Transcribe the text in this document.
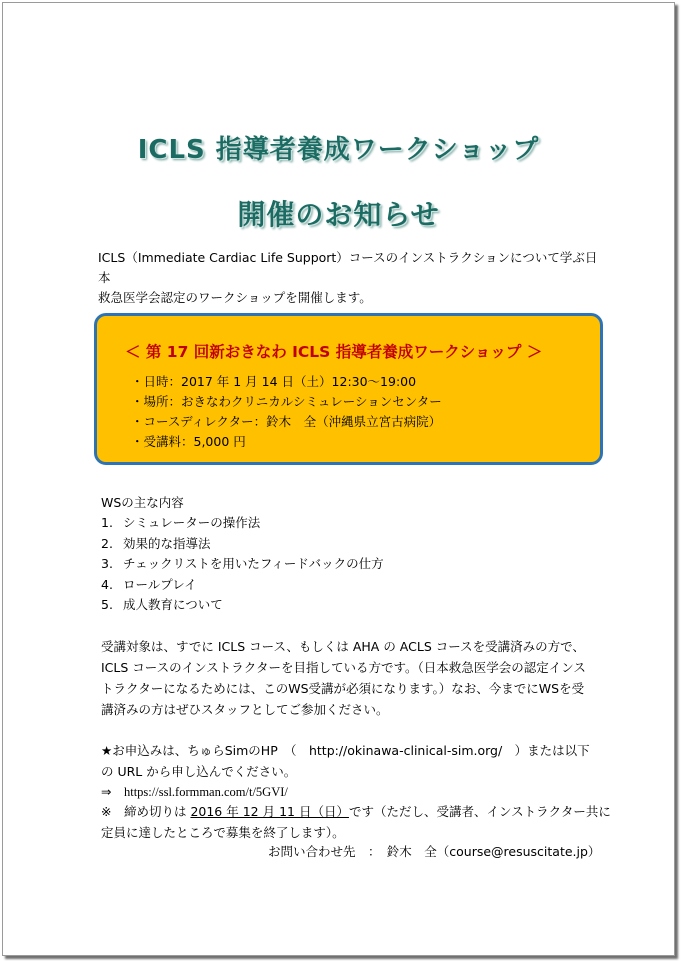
ICLS 指導者養成ワークショップ
開催のお知らせ
ICLS（Immediate Cardiac Life Support）コースのインストラクションについて学ぶ日本
救急医学会認定のワークショップを開催します。
＜ 第 17 回新おきなわ ICLS 指導者養成ワークショップ ＞
・日時：2017 年 1 月 14 日（土）12:30～19:00
・場所：おきなわクリニカルシミュレーションセンター
・コースディレクター：鈴木　全（沖縄県立宮古病院）
・受講料：5,000 円
WSの主な内容
1. シミュレーターの操作法
2. 効果的な指導法
3. チェックリストを用いたフィードバックの仕方
4. ロールプレイ
5. 成人教育について
受講対象は、すでに ICLS コース、もしくは AHA の ACLS コースを受講済みの方で、
ICLS コースのインストラクターを目指している方です。（日本救急医学会の認定インス
トラクターになるためには、このWS受講が必須になります。）なお、今までにWSを受
講済みの方はぜひスタッフとしてご参加ください。
★お申込みは、ちゅらSimのHP　（　http://okinawa-clinical-sim.org/　）または以下
の URL から申し込んでください。
⇒　https://ssl.formman.com/t/5GVI/
※　締め切りは 2016 年 12 月 11 日（日）です（ただし、受講者、インストラクター共に定員に達したところで募集を終了します）。
お問い合わせ先　：　鈴木　全（course@resuscitate.jp）
